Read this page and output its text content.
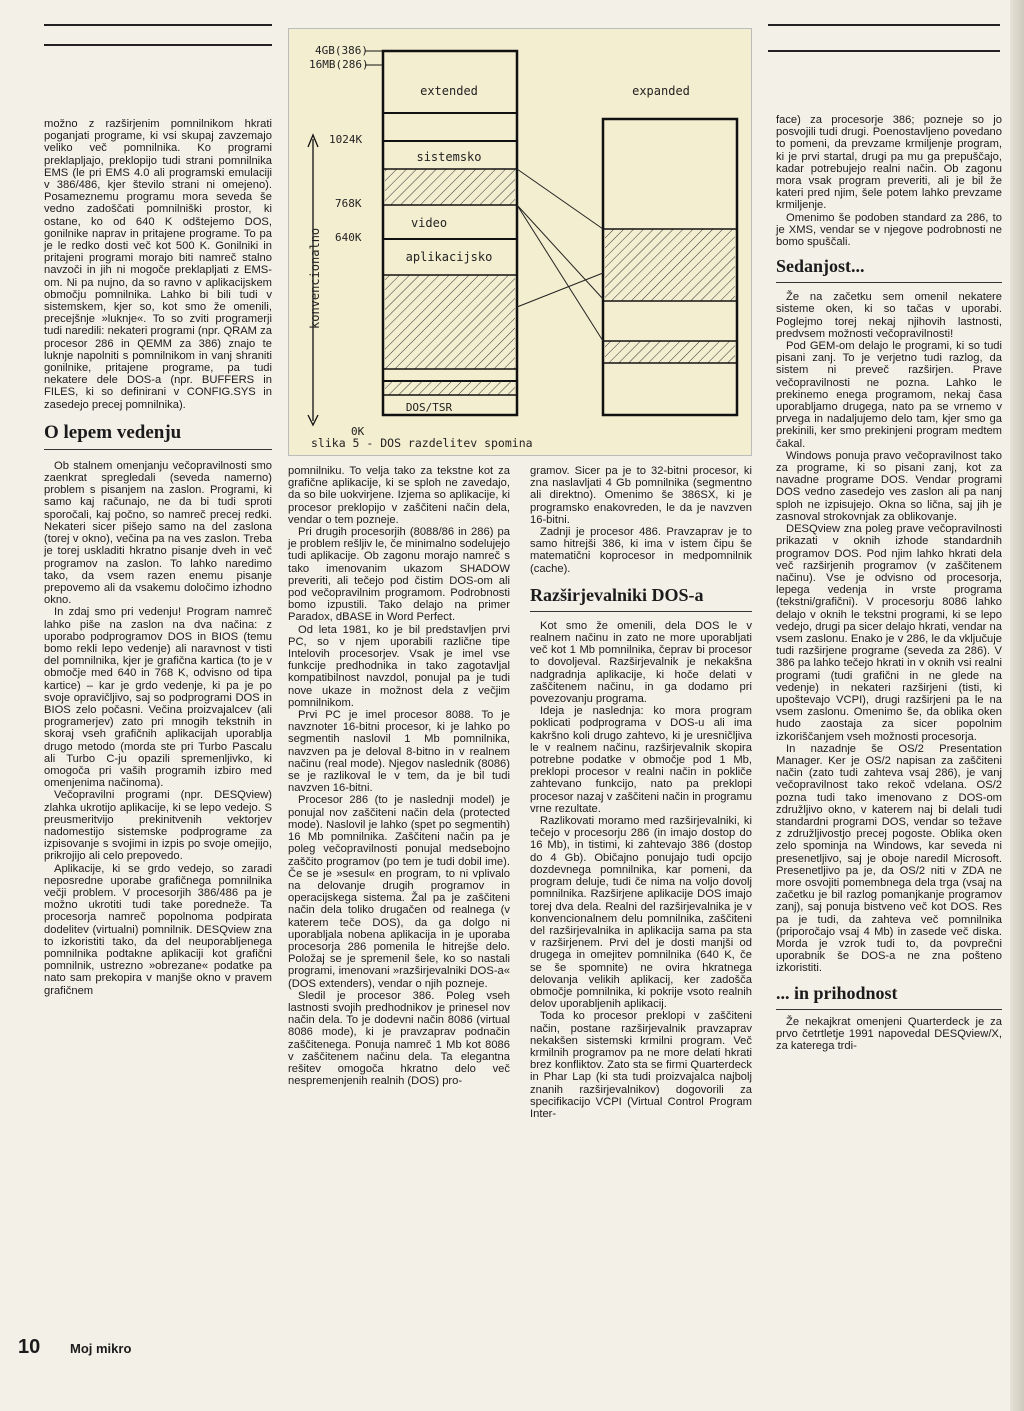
4GB(386)
16MB(286)
extended	expanded
1024K
768K
640K
0K
konvencionalno
sistemsko
video
aplikacijsko
DOS/TSR
slika 5 - DOS razdelitev spomina

možno z razširjenim pomnilnikom hkrati poganjati programe, ki vsi skupaj zavzemajo veliko več pomnilnika. Ko programi preklapljajo, preklopijo tudi strani pomnilnika EMS (le pri EMS 4.0 ali programski emulaciji v 386/486, kjer število strani ni omejeno). Posameznemu programu mora seveda še vedno zadoščati pomnilniški prostor, ki ostane, ko od 640 K odštejemo DOS, gonilnike naprav in pritajene programe. To pa je le redko dosti več kot 500 K. Gonilniki in pritajeni programi morajo biti namreč stalno navzoči in jih ni mogoče preklapljati z EMS-om. Ni pa nujno, da so ravno v aplikacijskem območju pomnilnika. Lahko bi bili tudi v sistemskem, kjer so, kot smo že omenili, precejšnje »luknje«. To so zviti programerji tudi naredili: nekateri programi (npr. QRAM za procesor 286 in QEMM za 386) znajo te luknje napolniti s pomnilnikom in vanj shraniti gonilnike, pritajene programe, pa tudi nekatere dele DOS-a (npr. BUFFERS in FILES, ki so definirani v CONFIG.SYS in zasedejo precej pomnilnika).

O lepem vedenju

Ob stalnem omenjanju večopravilnosti smo zaenkrat spregledali (seveda namerno) problem s pisanjem na zaslon. Programi, ki samo kaj računajo, ne da bi tudi sproti sporočali, kaj počno, so namreč precej redki. Nekateri sicer pišejo samo na del zaslona (torej v okno), večina pa na ves zaslon. Treba je torej uskladiti hkratno pisanje dveh in več programov na zaslon. To lahko naredimo tako, da vsem razen enemu pisanje prepovemo ali da vsakemu določimo izhodno okno.

In zdaj smo pri vedenju! Program namreč lahko piše na zaslon na dva načina: z uporabo podprogramov DOS in BIOS (temu bomo rekli lepo vedenje) ali naravnost v tisti del pomnilnika, kjer je grafična kartica (to je v območje med 640 in 768 K, odvisno od tipa kartice) – kar je grdo vedenje, ki pa je po svoje opravičljivo, saj so podprogrami DOS in BIOS zelo počasni. Večina proizvajalcev (ali programerjev) zato pri mnogih tekstnih in skoraj vseh grafičnih aplikacijah uporablja drugo metodo (morda ste pri Turbo Pascalu ali Turbo C-ju opazili spremenljivko, ki omogoča pri vaših programih izbiro med omenjenima načinoma).

Večopravilni programi (npr. DESQview) zlahka ukrotijo aplikacije, ki se lepo vedejo. S preusmeritvijo prekinitvenih vektorjev nadomestijo sistemske podprograme za izpisovanje s svojimi in izpis po svoje omejijo, prikrojijo ali celo prepovedo.

Aplikacije, ki se grdo vedejo, so zaradi neposredne uporabe grafičnega pomnilnika večji problem. V procesorjih 386/486 pa je možno ukrotiti tudi take porednеže. Ta procesorja namreč popolnoma podpirata dodelitev (virtualni) pomnilnik. DESQview zna to izkoristiti tako, da del neuporabljenega pomnilnika podtakne aplikaciji kot grafični pomnilnik, ustrezno »obrezane« podatke pa nato sam prekopira v manjše okno v pravem grafičnem

pomnilniku. To velja tako za tekstne kot za grafične aplikacije, ki se sploh ne zavedajo, da so bile uokvirjene. Izjema so aplikacije, ki procesor preklopijo v zaščiteni način dela, vendar o tem pozneje.

Pri drugih procesorjih (8088/86 in 286) pa je problem rešljiv le, če minimalno sodelujejo tudi aplikacije. Ob zagonu morajo namreč s tako imenovanim ukazom SHADOW preveriti, ali tečejo pod čistim DOS-om ali pod večopravilnim programom. Podrobnosti bomo izpustili. Tako delajo na primer Paradox, dBASE in Word Perfect.

Od leta 1981, ko je bil predstavljen prvi PC, so v njem uporabili različne tipe Intelovih procesorjev. Vsak je imel vse funkcije predhodnika in tako zagotavljal kompatibilnost navzdol, ponujal pa je tudi nove ukaze in možnost dela z večjim pomnilnikom.

Prvi PC je imel procesor 8088. To je navznoter 16-bitni procesor, ki je lahko po segmentih naslovil 1 Mb pomnilnika, navzven pa je deloval 8-bitno in v realnem načinu (real mode). Njegov naslednik (8086) se je razlikoval le v tem, da je bil tudi navzven 16-bitni.

Procesor 286 (to je naslednji model) je ponujal nov zaščiteni način dela (protected mode). Naslovil je lahko (spet po segmentih) 16 Mb pomnilnika. Zaščiteni način pa je poleg večopravilnosti ponujal medsebojno zaščito programov (po tem je tudi dobil ime). Če se je »sesul« en program, to ni vplivalo na delovanje drugih programov in operacijskega sistema. Žal pa je zaščiteni način dela toliko drugačen od realnega (v katerem teče DOS), da ga dolgo ni uporabljala nobena aplikacija in je uporaba procesorja 286 pomenila le hitrejše delo. Položaj se je spremenil šele, ko so nastali programi, imenovani »razširjevalniki DOS-a« (DOS extenders), vendar o njih pozneje.

Sledil je procesor 386. Poleg vseh lastnosti svojih predhodnikov je prinesel nov način dela. To je dodevni način 8086 (virtual 8086 mode), ki je pravzaprav podnačin zaščitenega. Ponuja namreč 1 Mb kot 8086 v zaščitenem načinu dela. Ta elegantna rešitev omogoča hkratno delo več nespremenjenih realnih (DOS) pro-

gramov. Sicer pa je to 32-bitni procesor, ki zna naslavljati 4 Gb pomnilnika (segmentno ali direktno). Omenimo še 386SX, ki je programsko enakovreden, le da je navzven 16-bitni.

Zadnji je procesor 486. Pravzaprav je to samo hitrejši 386, ki ima v istem čipu še matematični koprocesor in medpomnilnik (cache).

Razširjevalniki DOS-a

Kot smo že omenili, dela DOS le v realnem načinu in zato ne more uporabljati več kot 1 Mb pomnilnika, čeprav bi procesor to dovoljeval. Razširjevalnik je nekakšna nadgradnja aplikacije, ki hoče delati v zaščitenem načinu, in ga dodamo pri povezovanju programa.

Ideja je naslednja: ko mora program poklicati podprograma v DOS-u ali ima kakršno koli drugo zahtevo, ki je uresničljiva le v realnem načinu, razširjevalnik skopira potrebne podatke v območje pod 1 Mb, preklopi procesor v realni način in pokliče zahtevano funkcijo, nato pa preklopi procesor nazaj v zaščiteni način in programu vrne rezultate.

Razlikovati moramo med razširjevalniki, ki tečejo v procesorju 286 (in imajo dostop do 16 Mb), in tistimi, ki zahtevajo 386 (dostop do 4 Gb). Običajno ponujajo tudi opcijo dozdevnega pomnilnika, kar pomeni, da program deluje, tudi če nima na voljo dovolj pomnilnika. Razširjene aplikacije DOS imajo torej dva dela. Realni del razširjevalnika je v konvencionalnem delu pomnilnika, zaščiteni del razširjevalnika in aplikacija sama pa sta v razširjenem. Prvi del je dosti manjši od drugega in omejitev pomnilnika (640 K, če se še spomnite) ne ovira hkratnega delovanja velikih aplikacij, ker zadošča območje pomnilnika, ki pokrije vsoto realnih delov uporabljenih aplikacij.

Toda ko procesor preklopi v zaščiteni način, postane razširjevalnik pravzaprav nekakšen sistemski krmilni program. Več krmilnih programov pa ne more delati hkrati brez konfliktov. Zato sta se firmi Quarterdeck in Phar Lap (ki sta tudi proizvajalca najbolj znanih razširjevalnikov) dogovorili za specifikacijo VCPI (Virtual Control Program Inter-

face) za procesorje 386; pozneje so jo posvojili tudi drugi. Poenostavljeno povedano to pomeni, da prevzame krmiljenje program, ki je prvi startal, drugi pa mu ga prepuščajo, kadar potrebujejo realni način. Ob zagonu mora vsak program preveriti, ali je bil že kateri pred njim, šele potem lahko prevzame krmiljenje.

Omenimo še podoben standard za 286, to je XMS, vendar se v njegove podrobnosti ne bomo spuščali.

Sedanjost...

Že na začetku sem omenil nekatere sisteme oken, ki so tačas v uporabi. Poglejmo torej nekaj njihovih lastnosti, predvsem možnosti večopravilnosti!

Pod GEM-om delajo le programi, ki so tudi pisani zanj. To je verjetno tudi razlog, da sistem ni preveč razširjen. Prave večopravilnosti ne pozna. Lahko le prekinemo enega programom, nekaj časa uporabljamo drugega, nato pa se vrnemo v prvega in nadaljujemo delo tam, kjer smo ga prekinili, ker smo prekinjeni program medtem čakal.

Windows ponuja pravo večopravilnost tako za programe, ki so pisani zanj, kot za navadne programe DOS. Vendar programi DOS vedno zasedejo ves zaslon ali pa nanj sploh ne izpisujejo. Okna so lična, saj jih je zasnoval strokovnjak za oblikovanje.

DESQview zna poleg prave večopravilnosti prikazati v oknih izhode standardnih programov DOS. Pod njim lahko hkrati dela več razširjenih programov (v zaščitenem načinu). Vse je odvisno od procesorja, lepega vedenja in vrste programa (tekstni/grafični). V procesorju 8086 lahko delajo v oknih le tekstni programi, ki se lepo vedejo, drugi pa sicer delajo hkrati, vendar na vsem zaslonu. Enako je v 286, le da vključuje tudi razširjene programe (seveda za 286). V 386 pa lahko tečejo hkrati in v oknih vsi realni programi (tudi grafični in ne glede na vedenje) in nekateri razširjeni (tisti, ki upoštevajo VCPI), drugi razširjeni pa le na vsem zaslonu. Omenimo še, da oblika oken hudo zaostaja za sicer popolnim izkoriščanjem vseh možnosti procesorja.

In nazadnje še OS/2 Presentation Manager. Ker je OS/2 napisan za zaščiteni način (zato tudi zahteva vsaj 286), je vanj večopravilnost tako rekoč vdelana. OS/2 pozna tudi tako imenovano z DOS-om združljivo okno, v katerem naj bi delali tudi standardni programi DOS, vendar so težave z združljivostjo precej pogoste. Oblika oken zelo spominja na Windows, kar seveda ni presenetljivo, saj je oboje naredil Microsoft. Presenetljivo pa je, da OS/2 niti v ZDA ne more osvojiti pomembnega dela trga (vsaj na začetku je bil razlog pomanjkanje programov zanj), saj ponuja bistveno več kot DOS. Res pa je tudi, da zahteva več pomnilnika (priporočajo vsaj 4 Mb) in zasede več diska. Morda je vzrok tudi to, da povprečni uporabnik še DOS-a ne zna pošteno izkoristiti.

... in prihodnost

Že nekajkrat omenjeni Quarterdeck je za prvo četrtletje 1991 napovedal DESQview/X, za katerega trdi-

10 Moj mikro
